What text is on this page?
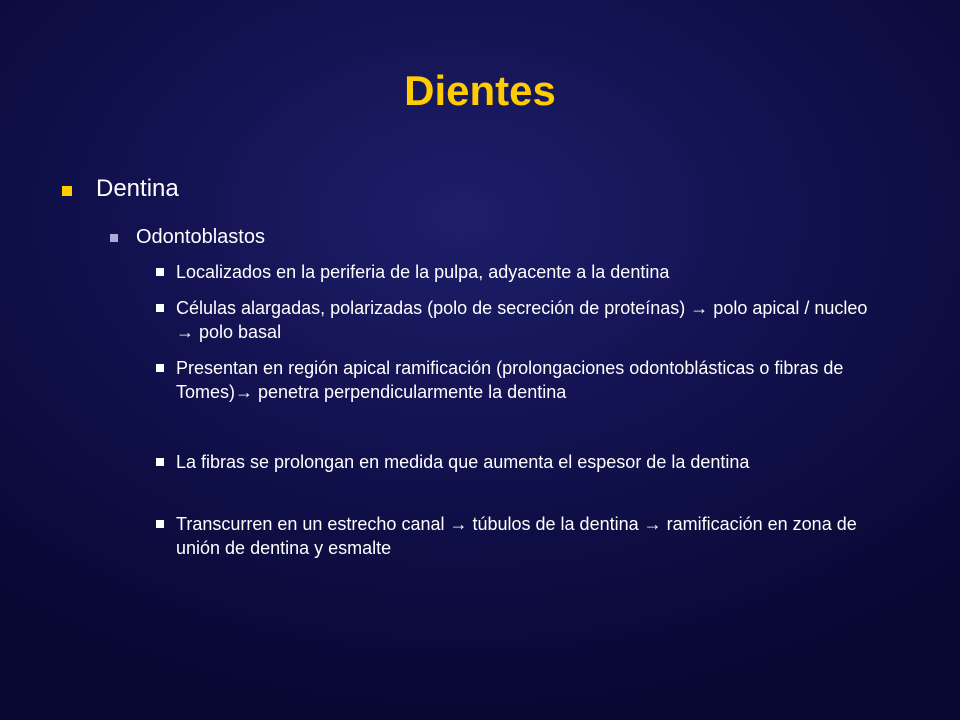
Dientes
Dentina
Odontoblastos
Localizados en la periferia de la pulpa, adyacente a la dentina
Células alargadas, polarizadas (polo de secreción de proteínas) → polo apical / nucleo → polo basal
Presentan en región apical ramificación (prolongaciones odontoblásticas o fibras de Tomes)→ penetra perpendicularmente la dentina
La fibras se prolongan en medida que aumenta el espesor de la dentina
Transcurren en un estrecho canal → túbulos de la dentina → ramificación en zona de unión de dentina y esmalte
